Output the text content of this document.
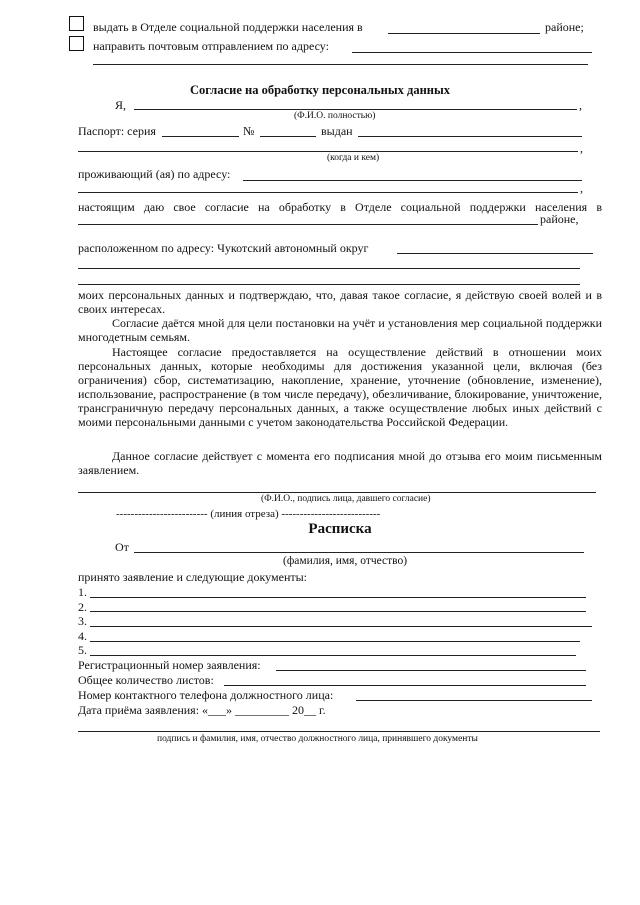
выдать в Отделе социальной поддержки населения в	районе;
направить почтовым отправлением по адресу:
Согласие на обработку персональных данных
Я,	,
(Ф.И.О. полностью)
Паспорт: серия	№	выдан
,
(когда и кем)
проживающий (ая) по адресу:
,
настоящим даю свое согласие на обработку в Отделе социальной поддержки населения в
районе,
расположенном по адресу: Чукотский автономный округ
моих персональных данных и подтверждаю, что, давая такое согласие, я действую своей волей и в своих интересах.
Согласие даётся мной для цели постановки на учёт и установления мер социальной поддержки многодетным семьям.
Настоящее согласие предоставляется на осуществление действий в отношении моих персональных данных, которые необходимы для достижения указанной цели, включая (без ограничения) сбор, систематизацию, накопление, хранение, уточнение (обновление, изменение), использование, распространение (в том числе передачу), обезличивание, блокирование, уничтожение, трансграничную передачу персональных данных, а также осуществление любых иных действий с моими персональными данными с учетом законодательства Российской Федерации.
Данное согласие действует с момента его подписания мной до отзыва его моим письменным заявлением.
(Ф.И.О., подпись лица, давшего согласие)
------------------------- (линия отреза) ---------------------------
Расписка
От
(фамилия, имя, отчество)
принято заявление и следующие документы:
1.
2.
3.
4.
5.
Регистрационный номер заявления:
Общее количество листов:
Номер контактного телефона должностного лица:
Дата приёма заявления: «___» _________ 20__ г.
подпись и фамилия, имя, отчество должностного лица, принявшего документы
